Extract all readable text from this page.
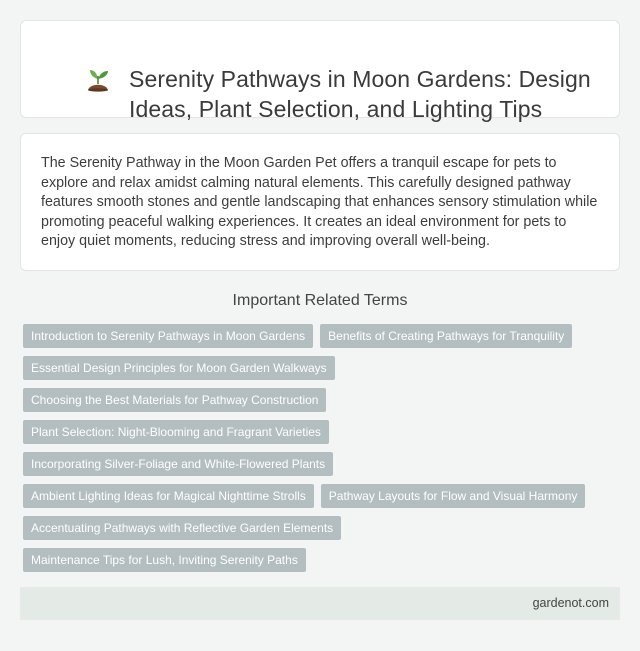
Serenity Pathways in Moon Gardens: Design Ideas, Plant Selection, and Lighting Tips

The Serenity Pathway in the Moon Garden Pet offers a tranquil escape for pets to explore and relax amidst calming natural elements. This carefully designed pathway features smooth stones and gentle landscaping that enhances sensory stimulation while promoting peaceful walking experiences. It creates an ideal environment for pets to enjoy quiet moments, reducing stress and improving overall well-being.

Important Related Terms
Introduction to Serenity Pathways in Moon Gardens	Benefits of Creating Pathways for Tranquility
Essential Design Principles for Moon Garden Walkways
Choosing the Best Materials for Pathway Construction
Plant Selection: Night-Blooming and Fragrant Varieties
Incorporating Silver-Foliage and White-Flowered Plants
Ambient Lighting Ideas for Magical Nighttime Strolls	Pathway Layouts for Flow and Visual Harmony
Accentuating Pathways with Reflective Garden Elements
Maintenance Tips for Lush, Inviting Serenity Paths
gardenot.com
